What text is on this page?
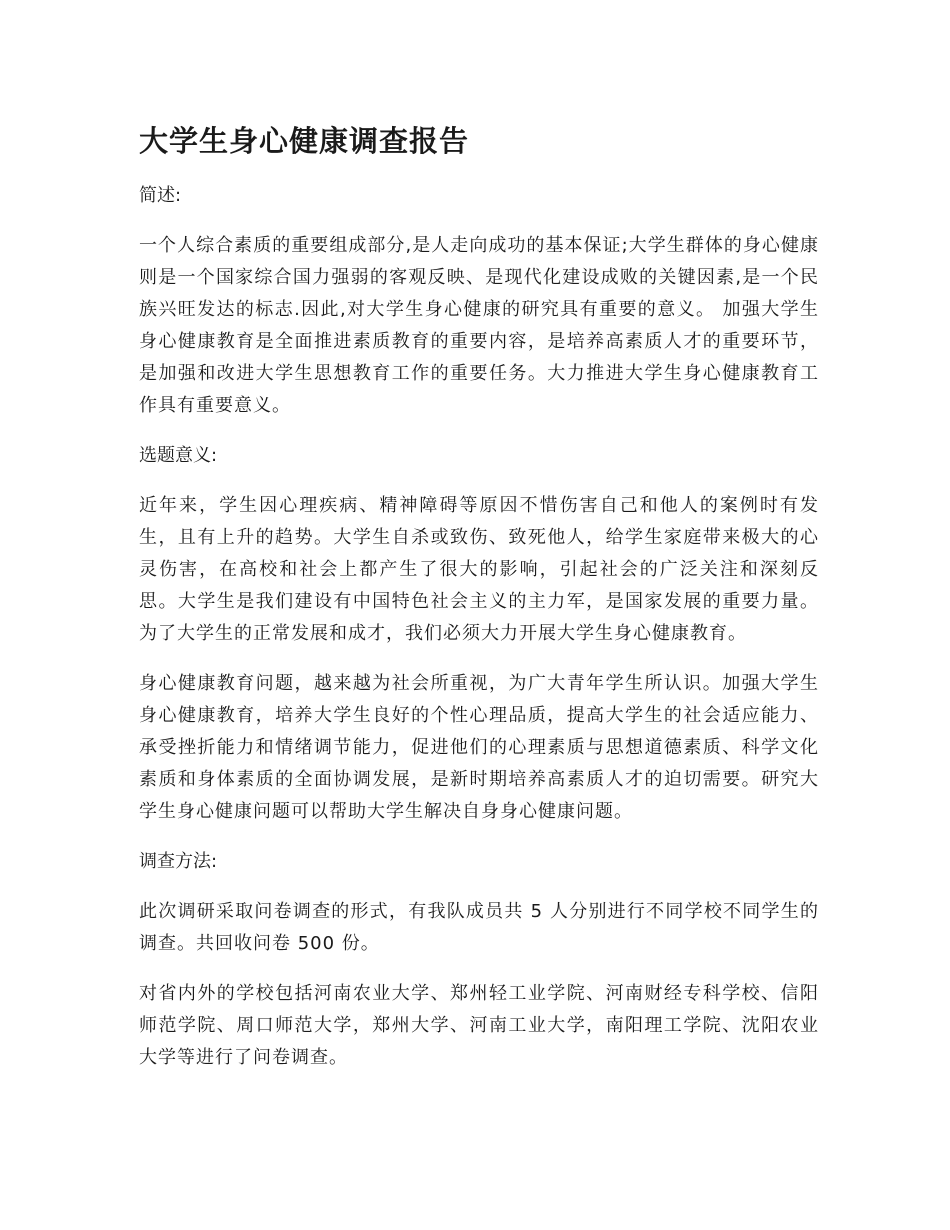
大学生身心健康调查报告

简述:

一个人综合素质的重要组成部分,是人走向成功的基本保证;大学生群体的身心健康则是一个国家综合国力强弱的客观反映、是现代化建设成败的关键因素,是一个民族兴旺发达的标志.因此,对大学生身心健康的研究具有重要的意义。 加强大学生身心健康教育是全面推进素质教育的重要内容，是培养高素质人才的重要环节，是加强和改进大学生思想教育工作的重要任务。大力推进大学生身心健康教育工作具有重要意义。

选题意义:

近年来，学生因心理疾病、精神障碍等原因不惜伤害自己和他人的案例时有发生，且有上升的趋势。大学生自杀或致伤、致死他人，给学生家庭带来极大的心灵伤害，在高校和社会上都产生了很大的影响，引起社会的广泛关注和深刻反思。大学生是我们建设有中国特色社会主义的主力军，是国家发展的重要力量。为了大学生的正常发展和成才，我们必须大力开展大学生身心健康教育。

身心健康教育问题，越来越为社会所重视，为广大青年学生所认识。加强大学生身心健康教育，培养大学生良好的个性心理品质，提高大学生的社会适应能力、承受挫折能力和情绪调节能力，促进他们的心理素质与思想道德素质、科学文化素质和身体素质的全面协调发展，是新时期培养高素质人才的迫切需要。研究大学生身心健康问题可以帮助大学生解决自身身心健康问题。

调查方法:

此次调研采取问卷调查的形式，有我队成员共 5 人分别进行不同学校不同学生的调查。共回收问卷 500 份。

对省内外的学校包括河南农业大学、郑州轻工业学院、河南财经专科学校、信阳师范学院、周口师范大学，郑州大学、河南工业大学，南阳理工学院、沈阳农业大学等进行了问卷调查。
